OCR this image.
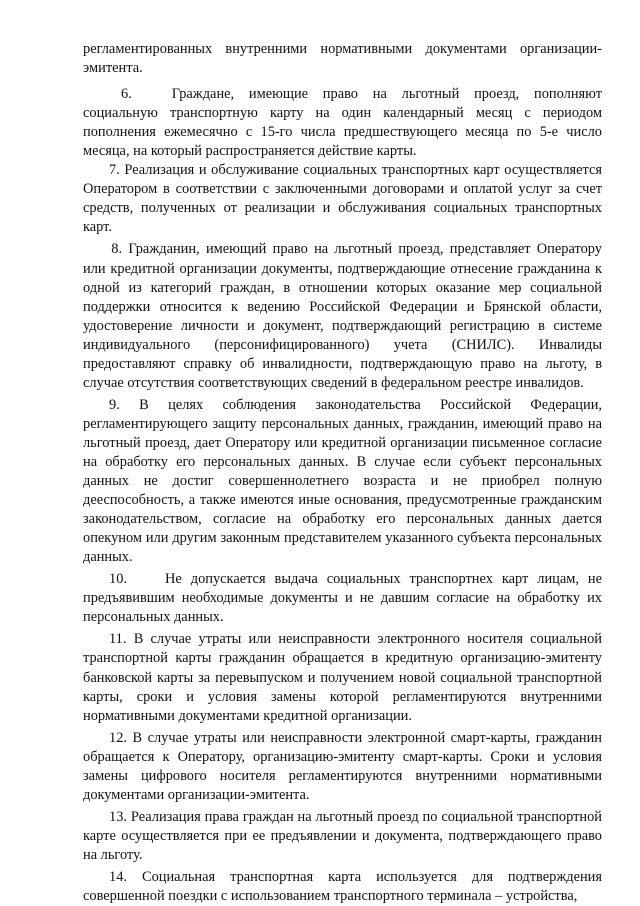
регламентированных внутренними нормативными документами организации-эмитента.

6.	Граждане, имеющие право на льготный проезд, пополняют социальную транспортную карту на один календарный месяц с периодом пополнения ежемесячно с 15-го числа предшествующего месяца по 5-е число месяца, на который распространяется действие карты.

7. Реализация и обслуживание социальных транспортных карт осуществляется Оператором в соответствии с заключенными договорами и оплатой услуг за счет средств, полученных от реализации и обслуживания социальных транспортных карт.

8. Гражданин, имеющий право на льготный проезд, представляет Оператору или кредитной организации документы, подтверждающие отнесение гражданина к одной из категорий граждан, в отношении которых оказание мер социальной поддержки относится к ведению Российской Федерации и Брянской области, удостоверение личности и документ, подтверждающий регистрацию в системе индивидуального (персонифицированного) учета (СНИЛС). Инвалиды предоставляют справку об инвалидности, подтверждающую право на льготу, в случае отсутствия соответствующих сведений в федеральном реестре инвалидов.

9. В целях соблюдения законодательства Российской Федерации, регламентирующего защиту персональных данных, гражданин, имеющий право на льготный проезд, дает Оператору или кредитной организации письменное согласие на обработку его персональных данных. В случае если субъект персональных данных не достиг совершеннолетнего возраста и не приобрел полную дееспособность, а также имеются иные основания, предусмотренные гражданским законодательством, согласие на обработку его персональных данных дается опекуном или другим законным представителем указанного субъекта персональных данных.

10.	Не допускается выдача социальных транспортнех карт лицам, не предъявившим необходимые документы и не давшим согласие на обработку их персональных данных.

11. В случае утраты или неисправности электронного носителя социальной транспортной карты гражданин обращается в кредитную организацию-эмитенту банковской карты за перевыпуском и получением новой социальной транспортной карты, сроки и условия замены которой регламентируются внутренними нормативными документами кредитной организации.

12. В случае утраты или неисправности электронной смарт-карты, гражданин обращается к Оператору, организацию-эмитенту смарт-карты. Сроки и условия замены цифрового носителя регламентируются внутренними нормативными документами организации-эмитента.

13. Реализация права граждан на льготный проезд по социальной транспортной карте осуществляется при ее предъявлении и документа, подтверждающего право на льготу.

14. Социальная транспортная карта используется для подтверждения совершенной поездки с использованием транспортного терминала – устройства,
